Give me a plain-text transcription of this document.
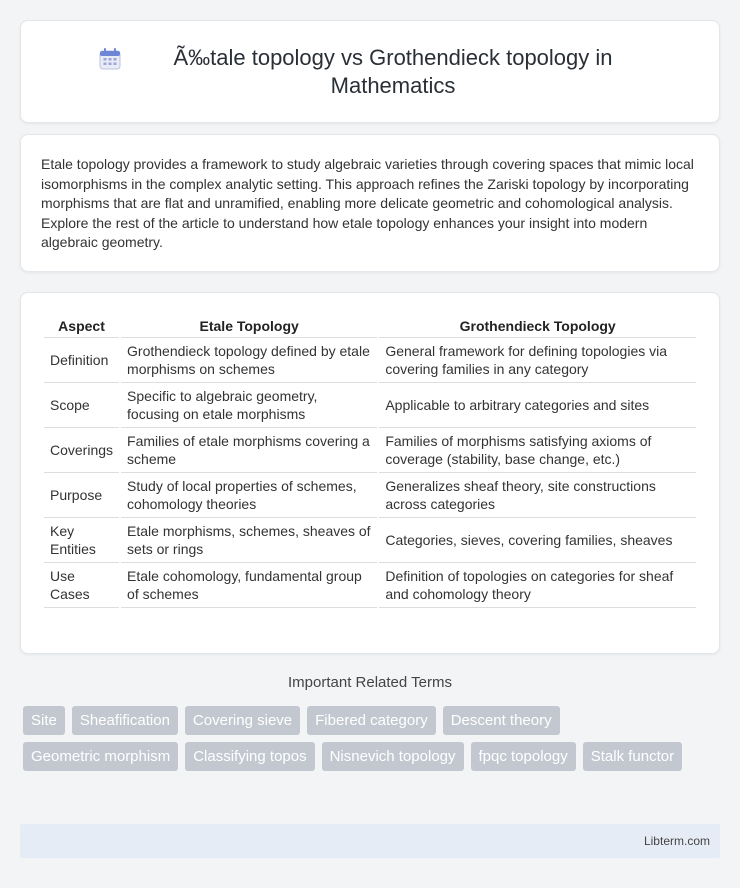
Ã‰tale topology vs Grothendieck topology in Mathematics

Etale topology provides a framework to study algebraic varieties through covering spaces that mimic local isomorphisms in the complex analytic setting. This approach refines the Zariski topology by incorporating morphisms that are flat and unramified, enabling more delicate geometric and cohomological analysis. Explore the rest of the article to understand how etale topology enhances your insight into modern algebraic geometry.

Aspect	Etale Topology	Grothendieck Topology
Definition	Grothendieck topology defined by etale morphisms on schemes	General framework for defining topologies via covering families in any category
Scope	Specific to algebraic geometry, focusing on etale morphisms	Applicable to arbitrary categories and sites
Coverings	Families of etale morphisms covering a scheme	Families of morphisms satisfying axioms of coverage (stability, base change, etc.)
Purpose	Study of local properties of schemes, cohomology theories	Generalizes sheaf theory, site constructions across categories
Key Entities	Etale morphisms, schemes, sheaves of sets or rings	Categories, sieves, covering families, sheaves
Use Cases	Etale cohomology, fundamental group of schemes	Definition of topologies on categories for sheaf and cohomology theory
Important Related Terms
Site	Sheafification	Covering sieve	Fibered category	Descent theory
Geometric morphism	Classifying topos	Nisnevich topology	fpqc topology	Stalk functor
Libterm.com
